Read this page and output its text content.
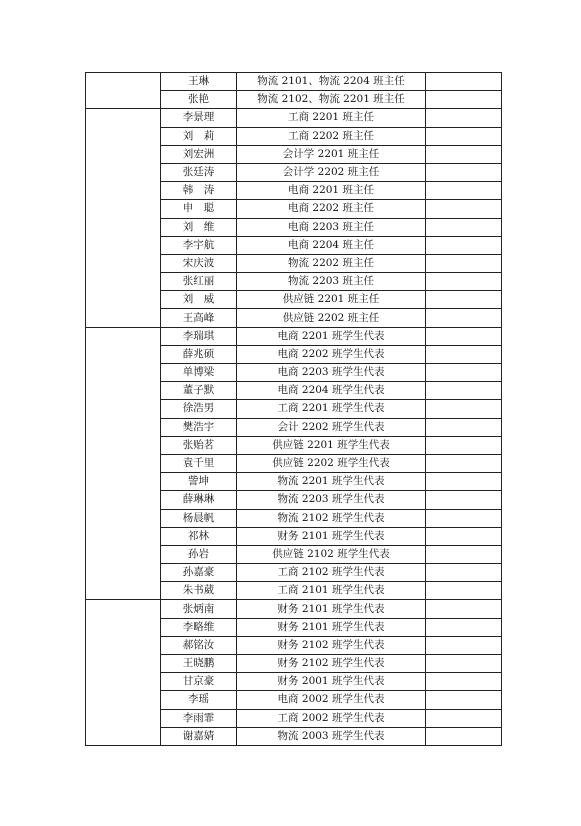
	王琳	物流 2101、物流 2204 班主任	
	张艳	物流 2102、物流 2201 班主任	
	李景理	工商 2201 班主任	
	刘　莉	工商 2202 班主任	
	刘宏洲	会计学 2201 班主任	
	张廷涛	会计学 2202 班主任	
	韩　涛	电商 2201 班主任	
	申　聪	电商 2202 班主任	
	刘　维	电商 2203 班主任	
	李宇航	电商 2204 班主任	
	宋庆波	物流 2202 班主任	
	张红丽	物流 2203 班主任	
	刘　威	供应链 2201 班主任	
	王高峰	供应链 2202 班主任	
	李瑞琪	电商 2201 班学生代表	
	薛兆硕	电商 2202 班学生代表	
	单博梁	电商 2203 班学生代表	
	董子默	电商 2204 班学生代表	
	徐浩男	工商 2201 班学生代表	
	樊浩宇	会计 2202 班学生代表	
	张贻茗	供应链 2201 班学生代表	
	袁千里	供应链 2202 班学生代表	
	訾坤	物流 2201 班学生代表	
	薛琳琳	物流 2203 班学生代表	
	杨晨帆	物流 2102 班学生代表	
	祁林	财务 2101 班学生代表	
	孙岩	供应链 2102 班学生代表	
	孙嘉豪	工商 2102 班学生代表	
	朱书葳	工商 2101 班学生代表	
	张炳南	财务 2101 班学生代表	
	李略维	财务 2101 班学生代表	
	郝铭汝	财务 2102 班学生代表	
	王晓鹏	财务 2102 班学生代表	
	甘京豪	财务 2001 班学生代表	
	李瑶	电商 2002 班学生代表	
	李雨霏	工商 2002 班学生代表	
	谢嘉婧	物流 2003 班学生代表	
